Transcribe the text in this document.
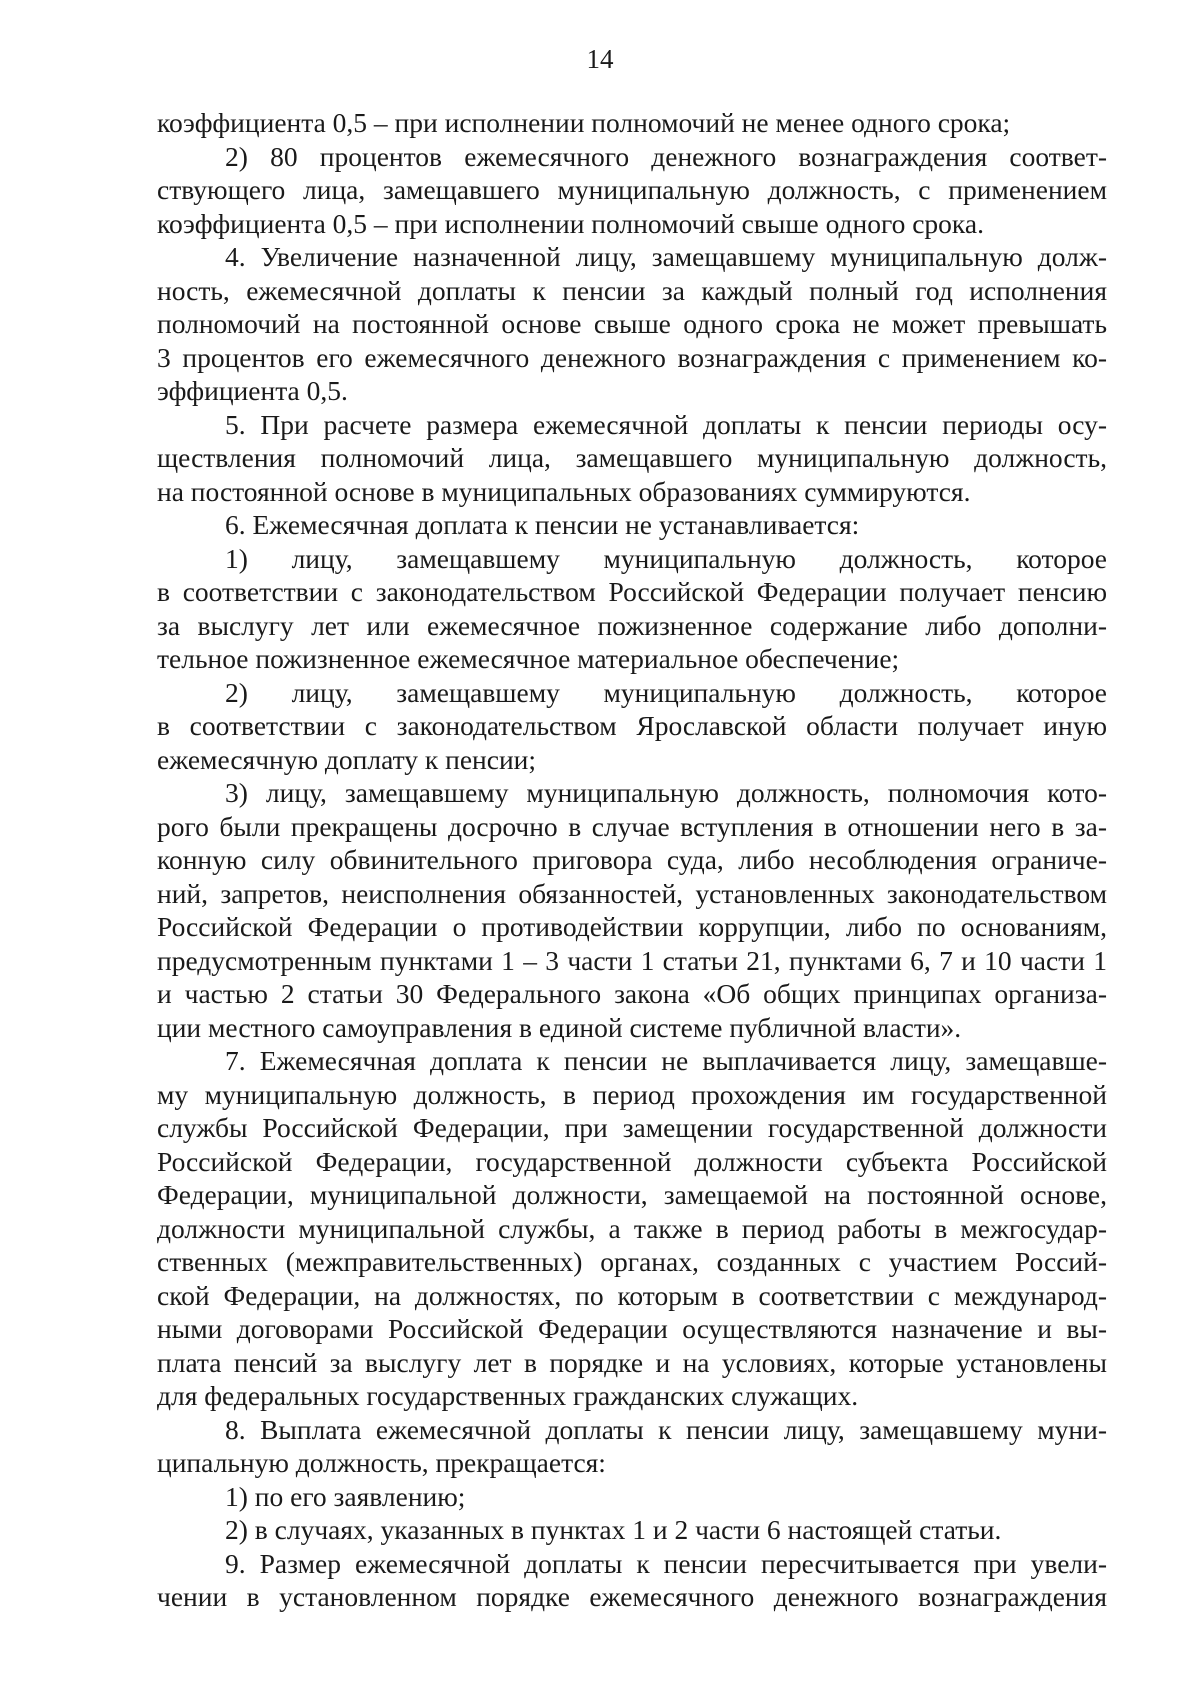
14
коэффициента 0,5 – при исполнении полномочий не менее одного срока;
2) 80 процентов ежемесячного денежного вознаграждения соответ-
ствующего лица, замещавшего муниципальную должность, с применением
коэффициента 0,5 – при исполнении полномочий свыше одного срока.
4. Увеличение назначенной лицу, замещавшему муниципальную долж-
ность, ежемесячной доплаты к пенсии за каждый полный год исполнения
полномочий на постоянной основе свыше одного срока не может превышать
3 процентов его ежемесячного денежного вознаграждения с применением ко-
эффициента 0,5.
5. При расчете размера ежемесячной доплаты к пенсии периоды осу-
ществления полномочий лица, замещавшего муниципальную должность,
на постоянной основе в муниципальных образованиях суммируются.
6. Ежемесячная доплата к пенсии не устанавливается:
1) лицу, замещавшему муниципальную должность, которое
в соответствии с законодательством Российской Федерации получает пенсию
за выслугу лет или ежемесячное пожизненное содержание либо дополни-
тельное пожизненное ежемесячное материальное обеспечение;
2) лицу, замещавшему муниципальную должность, которое
в соответствии с законодательством Ярославской области получает иную
ежемесячную доплату к пенсии;
3) лицу, замещавшему муниципальную должность, полномочия кото-
рого были прекращены досрочно в случае вступления в отношении него в за-
конную силу обвинительного приговора суда, либо несоблюдения ограниче-
ний, запретов, неисполнения обязанностей, установленных законодательством
Российской Федерации о противодействии коррупции, либо по основаниям,
предусмотренным пунктами 1 – 3 части 1 статьи 21, пунктами 6, 7 и 10 части 1
и частью 2 статьи 30 Федерального закона «Об общих принципах организа-
ции местного самоуправления в единой системе публичной власти».
7. Ежемесячная доплата к пенсии не выплачивается лицу, замещавше-
му муниципальную должность, в период прохождения им государственной
службы Российской Федерации, при замещении государственной должности
Российской Федерации, государственной должности субъекта Российской
Федерации, муниципальной должности, замещаемой на постоянной основе,
должности муниципальной службы, а также в период работы в межгосудар-
ственных (межправительственных) органах, созданных с участием Россий-
ской Федерации, на должностях, по которым в соответствии с международ-
ными договорами Российской Федерации осуществляются назначение и вы-
плата пенсий за выслугу лет в порядке и на условиях, которые установлены
для федеральных государственных гражданских служащих.
8. Выплата ежемесячной доплаты к пенсии лицу, замещавшему муни-
ципальную должность, прекращается:
1) по его заявлению;
2) в случаях, указанных в пунктах 1 и 2 части 6 настоящей статьи.
9. Размер ежемесячной доплаты к пенсии пересчитывается при увели-
чении в установленном порядке ежемесячного денежного вознаграждения
